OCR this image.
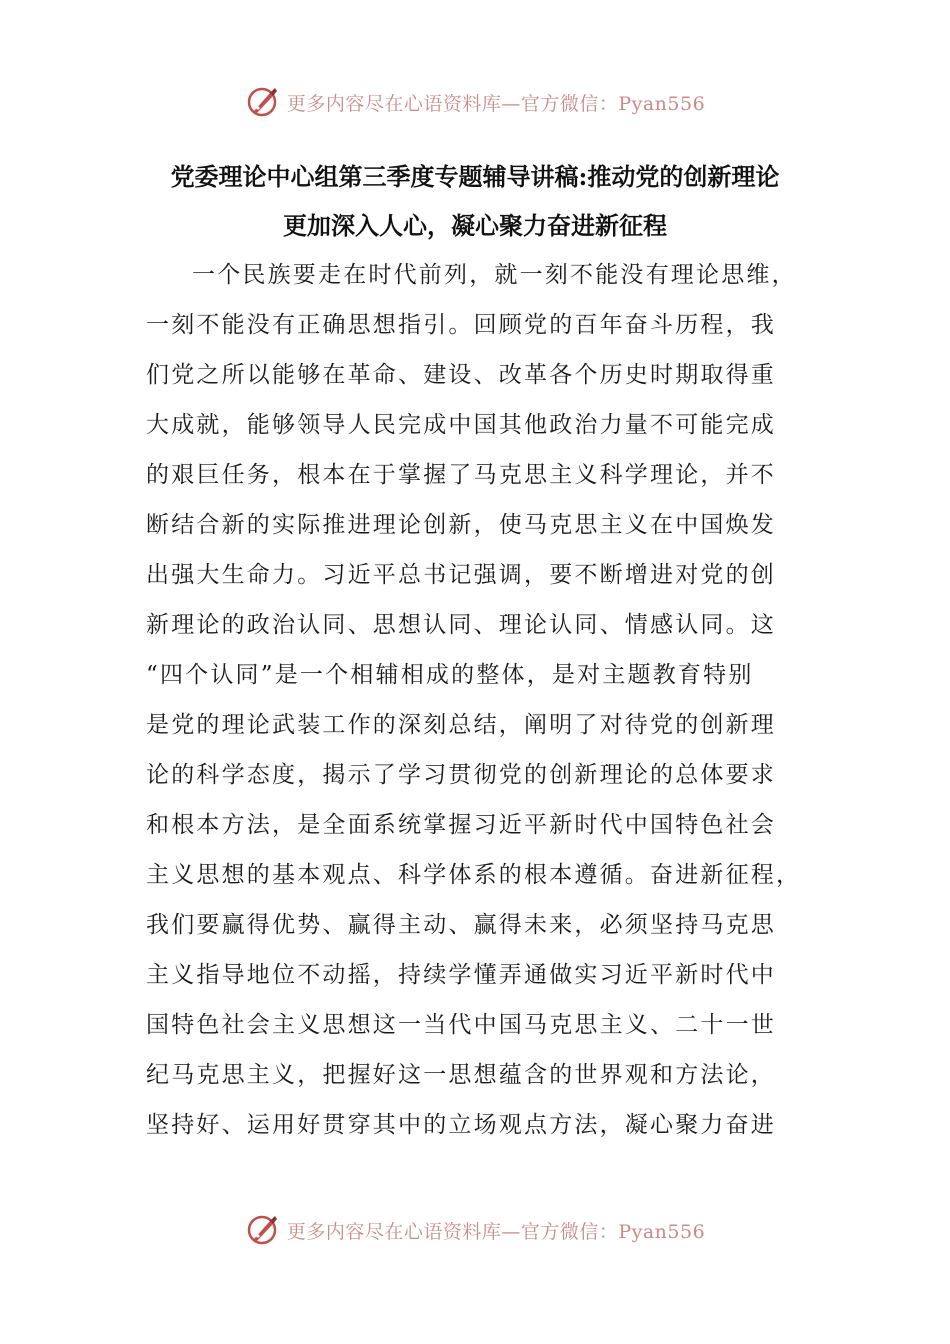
更多内容尽在心语资料库—官方微信：Pyan556
党委理论中心组第三季度专题辅导讲稿:推动党的创新理论
更加深入人心，凝心聚力奋进新征程
一个民族要走在时代前列，就一刻不能没有理论思维，
一刻不能没有正确思想指引。回顾党的百年奋斗历程，我
们党之所以能够在革命、建设、改革各个历史时期取得重
大成就，能够领导人民完成中国其他政治力量不可能完成
的艰巨任务，根本在于掌握了马克思主义科学理论，并不
断结合新的实际推进理论创新，使马克思主义在中国焕发
出强大生命力。习近平总书记强调，要不断增进对党的创
新理论的政治认同、思想认同、理论认同、情感认同。这
“四个认同”是一个相辅相成的整体，是对主题教育特别
是党的理论武装工作的深刻总结，阐明了对待党的创新理
论的科学态度，揭示了学习贯彻党的创新理论的总体要求
和根本方法，是全面系统掌握习近平新时代中国特色社会
主义思想的基本观点、科学体系的根本遵循。奋进新征程，
我们要赢得优势、赢得主动、赢得未来，必须坚持马克思
主义指导地位不动摇，持续学懂弄通做实习近平新时代中
国特色社会主义思想这一当代中国马克思主义、二十一世
纪马克思主义，把握好这一思想蕴含的世界观和方法论，
坚持好、运用好贯穿其中的立场观点方法，凝心聚力奋进
更多内容尽在心语资料库—官方微信：Pyan556
